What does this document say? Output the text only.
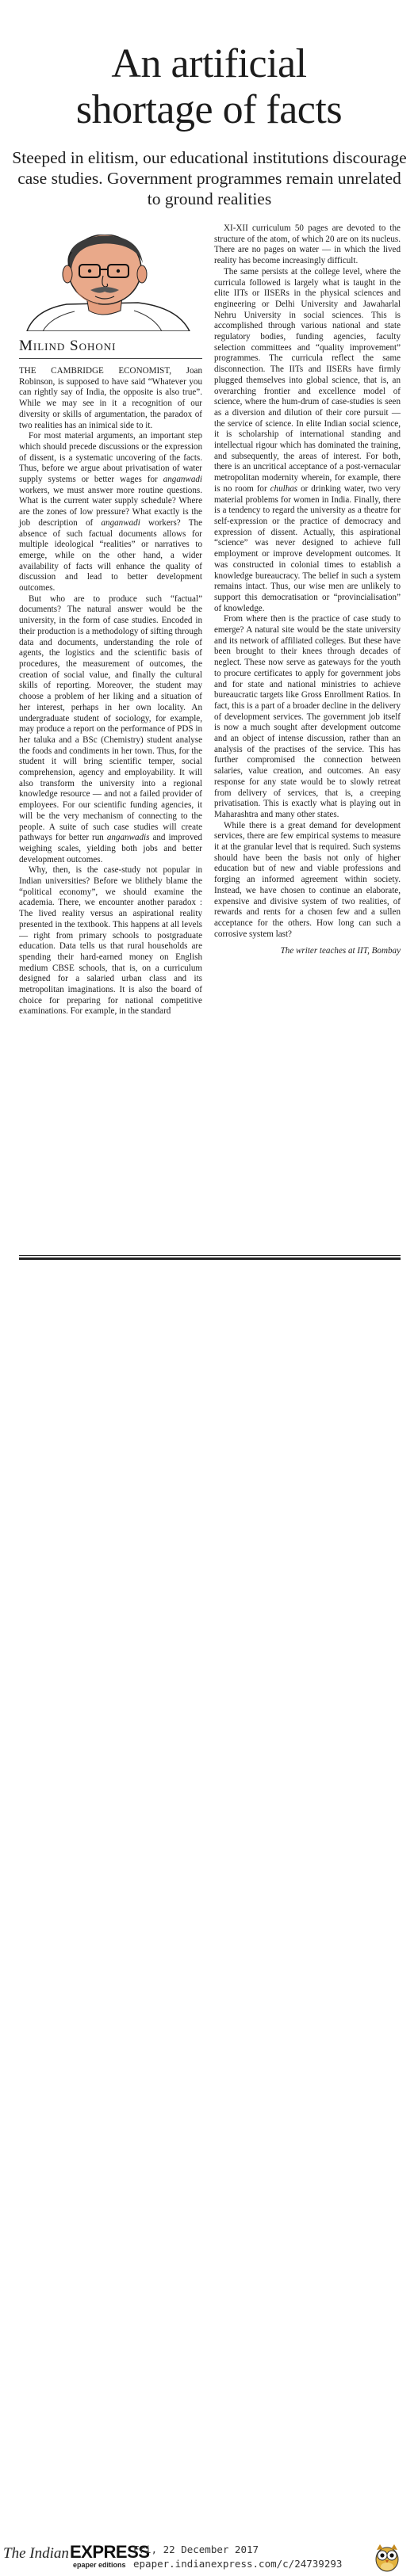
An artificial
shortage of facts

Steeped in elitism, our educational institutions discourage case studies. Government programmes remain unrelated to ground realities

Milind Sohoni

THE CAMBRIDGE ECONOMIST, Joan Robinson, is supposed to have said “Whatever you can rightly say of India, the opposite is also true”. While we may see in it a recognition of our diversity or skills of argumentation, the paradox of two realities has an inimical side to it.

For most material arguments, an important step which should precede discussions or the expression of dissent, is a systematic uncovering of the facts. Thus, before we argue about privatisation of water supply systems or better wages for anganwadi workers, we must answer more routine questions. What is the current water supply schedule? Where are the zones of low pressure? What exactly is the job description of anganwadi workers? The absence of such factual documents allows for multiple ideological “realities” or narratives to emerge, while on the other hand, a wider availability of facts will enhance the quality of discussion and lead to better development outcomes.

But who are to produce such “factual” documents? The natural answer would be the university, in the form of case studies. Encoded in their production is a methodology of sifting through data and documents, understanding the role of agents, the logistics and the scientific basis of procedures, the measurement of outcomes, the creation of social value, and finally the cultural skills of reporting. Moreover, the student may choose a problem of her liking and a situation of her interest, perhaps in her own locality. An undergraduate student of sociology, for example, may produce a report on the performance of PDS in her taluka and a BSc (Chemistry) student analyse the foods and condiments in her town. Thus, for the student it will bring scientific temper, social comprehension, agency and employability. It will also transform the university into a regional knowledge resource — and not a failed provider of employees. For our scientific funding agencies, it will be the very mechanism of connecting to the people. A suite of such case studies will create pathways for better run anganwadis and improved weighing scales, yielding both jobs and better development outcomes.

Why, then, is the case-study not popular in Indian universities? Before we blithely blame the “political economy”, we should examine the academia. There, we encounter another paradox : The lived reality versus an aspirational reality presented in the textbook. This happens at all levels — right from primary schools to postgraduate education. Data tells us that rural households are spending their hard-earned money on English medium CBSE schools, that is, on a curriculum designed for a salaried urban class and its metropolitan imaginations. It is also the board of choice for preparing for national competitive examinations. For example, in the standard

XI-XII curriculum 50 pages are devoted to the structure of the atom, of which 20 are on its nucleus. There are no pages on water — in which the lived reality has become increasingly difficult.

The same persists at the college level, where the curricula followed is largely what is taught in the elite IITs or IISERs in the physical sciences and engineering or Delhi University and Jawaharlal Nehru University in social sciences. This is accomplished through various national and state regulatory bodies, funding agencies, faculty selection committees and “quality improvement” programmes. The curricula reflect the same disconnection. The IITs and IISERs have firmly plugged themselves into global science, that is, an overarching frontier and excellence model of science, where the hum-drum of case-studies is seen as a diversion and dilution of their core pursuit — the service of science. In elite Indian social science, it is scholarship of international standing and intellectual rigour which has dominated the training, and subsequently, the areas of interest. For both, there is an uncritical acceptance of a post-vernacular metropolitan modernity wherein, for example, there is no room for chulhas or drinking water, two very material problems for women in India. Finally, there is a tendency to regard the university as a theatre for self-expression or the practice of democracy and expression of dissent. Actually, this aspirational “science” was never designed to achieve full employment or improve development outcomes. It was constructed in colonial times to establish a knowledge bureaucracy. The belief in such a system remains intact. Thus, our wise men are unlikely to support this democratisation or “provincialisation” of knowledge.

From where then is the practice of case study to emerge? A natural site would be the state university and its network of affiliated colleges. But these have been brought to their knees through decades of neglect. These now serve as gateways for the youth to procure certificates to apply for government jobs and for state and national ministries to achieve bureaucratic targets like Gross Enrollment Ratios. In fact, this is a part of a broader decline in the delivery of development services. The government job itself is now a much sought after development outcome and an object of intense discussion, rather than an analysis of the practises of the service. This has further compromised the connection between salaries, value creation, and outcomes. An easy response for any state would be to slowly retreat from delivery of services, that is, a creeping privatisation. This is exactly what is playing out in Maharashtra and many other states.

While there is a great demand for development services, there are few empirical systems to measure it at the granular level that is required. Such systems should have been the basis not only of higher education but of new and viable professions and forging an informed agreement within society. Instead, we have chosen to continue an elaborate, expensive and divisive system of two realities, of rewards and rents for a chosen few and a sullen acceptance for the others. How long can such a corrosive system last?

The writer teaches at IIT, Bombay

The Indian EXPRESS
epaper editions
Fri, 22 December 2017
epaper.indianexpress.com/c/24739293
